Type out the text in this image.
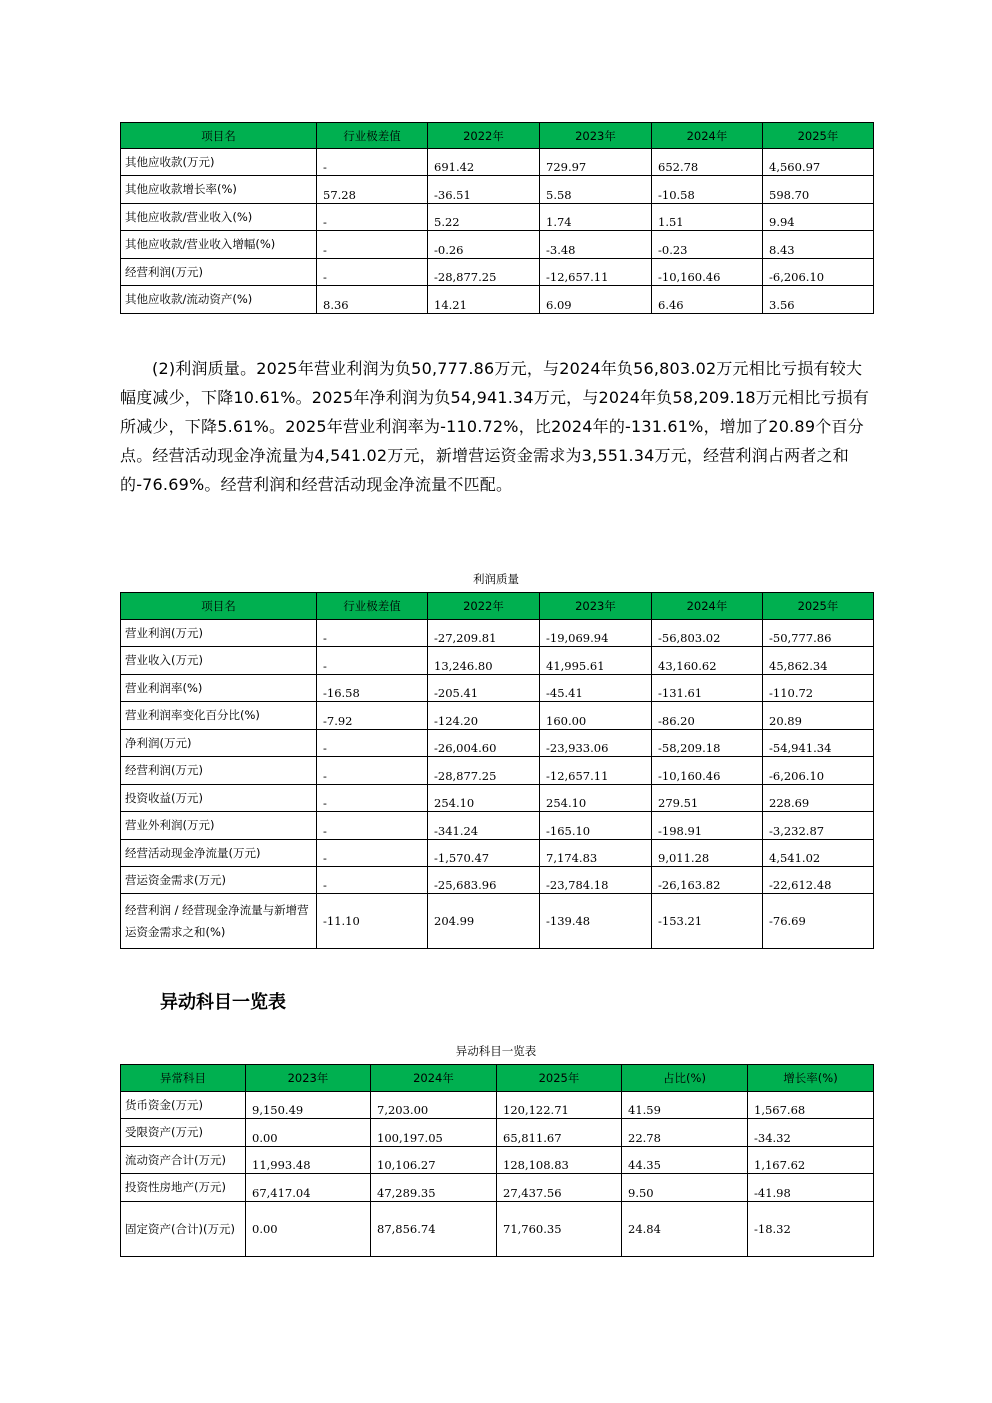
项目名	行业极差值	2022年	2023年	2024年	2025年
其他应收款(万元)	-	691.42	729.97	652.78	4,560.97
其他应收款增长率(%)	57.28	-36.51	5.58	-10.58	598.70
其他应收款/营业收入(%)	-	5.22	1.74	1.51	9.94
其他应收款/营业收入增幅(%)	-	-0.26	-3.48	-0.23	8.43
经营利润(万元)	-	-28,877.25	-12,657.11	-10,160.46	-6,206.10
其他应收款/流动资产(%)	8.36	14.21	6.09	6.46	3.56

(2)利润质量。2025年营业利润为负50,777.86万元，与2024年负56,803.02万元相比亏损有较大幅度减少，下降10.61%。2025年净利润为负54,941.34万元，与2024年负58,209.18万元相比亏损有所减少，下降5.61%。2025年营业利润率为-110.72%，比2024年的-131.61%，增加了20.89个百分点。经营活动现金净流量为4,541.02万元，新增营运资金需求为3,551.34万元，经营利润占两者之和的-76.69%。经营利润和经营活动现金净流量不匹配。

利润质量
项目名	行业极差值	2022年	2023年	2024年	2025年
营业利润(万元)	-	-27,209.81	-19,069.94	-56,803.02	-50,777.86
营业收入(万元)	-	13,246.80	41,995.61	43,160.62	45,862.34
营业利润率(%)	-16.58	-205.41	-45.41	-131.61	-110.72
营业利润率变化百分比(%)	-7.92	-124.20	160.00	-86.20	20.89
净利润(万元)	-	-26,004.60	-23,933.06	-58,209.18	-54,941.34
经营利润(万元)	-	-28,877.25	-12,657.11	-10,160.46	-6,206.10
投资收益(万元)	-	254.10	254.10	279.51	228.69
营业外利润(万元)	-	-341.24	-165.10	-198.91	-3,232.87
经营活动现金净流量(万元)	-	-1,570.47	7,174.83	9,011.28	4,541.02
营运资金需求(万元)	-	-25,683.96	-23,784.18	-26,163.82	-22,612.48
经营利润 / 经营现金净流量与新增营运资金需求之和(%)	-11.10	204.99	-139.48	-153.21	-76.69
异动科目一览表
异动科目一览表
异常科目	2023年	2024年	2025年	占比(%)	增长率(%)
货币资金(万元)	9,150.49	7,203.00	120,122.71	41.59	1,567.68
受限资产(万元)	0.00	100,197.05	65,811.67	22.78	-34.32
流动资产合计(万元)	11,993.48	10,106.27	128,108.83	44.35	1,167.62
投资性房地产(万元)	67,417.04	47,289.35	27,437.56	9.50	-41.98
固定资产(合计)(万元)	0.00	87,856.74	71,760.35	24.84	-18.32
